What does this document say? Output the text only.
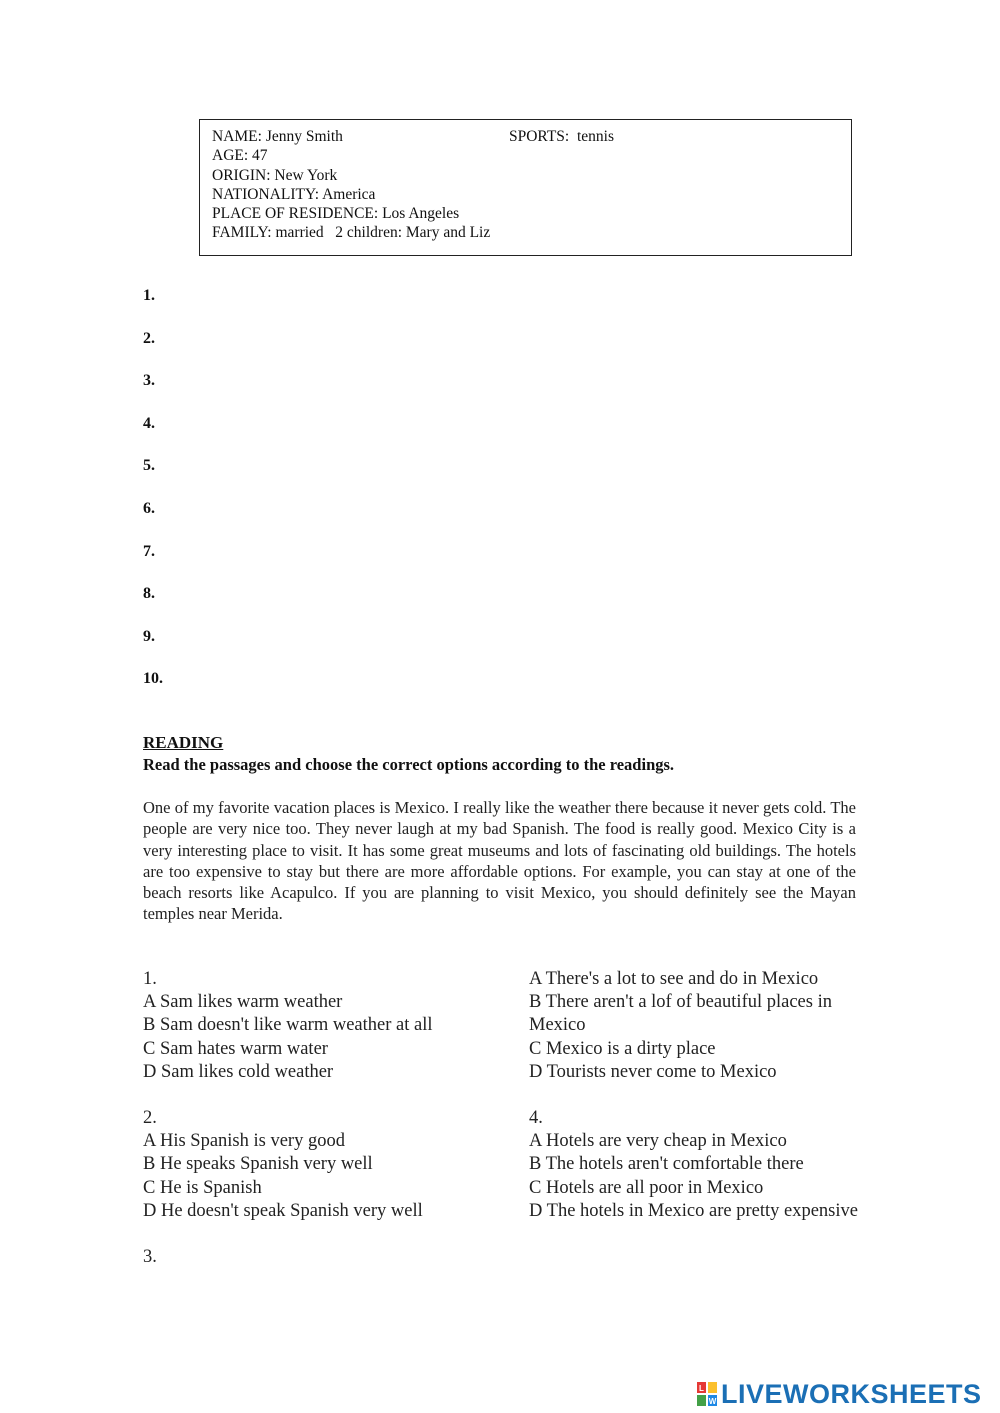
NAME: Jenny Smith
AGE: 47
ORIGIN: New York
NATIONALITY: America
PLACE OF RESIDENCE: Los Angeles
FAMILY: married   2 children: Mary and Liz
SPORTS:  tennis
1.
2.
3.
4.
5.
6.
7.
8.
9.
10.
READING
Read the passages and choose the correct options according to the readings.
One of my favorite vacation places is Mexico. I really like the weather there because it never gets cold. The people are very nice too. They never laugh at my bad Spanish. The food is really good. Mexico City is a very interesting place to visit. It has some great museums and lots of fascinating old buildings. The hotels are too expensive to stay but there are more affordable options. For example, you can stay at one of the beach resorts like Acapulco. If you are planning to visit Mexico, you should definitely see the Mayan temples near Merida.
1.
A Sam likes warm weather
B Sam doesn't like warm weather at all
C Sam hates warm water
D Sam likes cold weather
2.
A His Spanish is very good
B He speaks Spanish very well
C He is Spanish
D He doesn't speak Spanish very well
3.
A There's a lot to see and do in Mexico
B There aren't a lof of beautiful places in Mexico
C Mexico is a dirty place
D Tourists never come to Mexico
4.
A Hotels are very cheap in Mexico
B The hotels aren't comfortable there
C Hotels are all poor in Mexico
D The hotels in Mexico are pretty expensive
L
W LIVEWORKSHEETS
